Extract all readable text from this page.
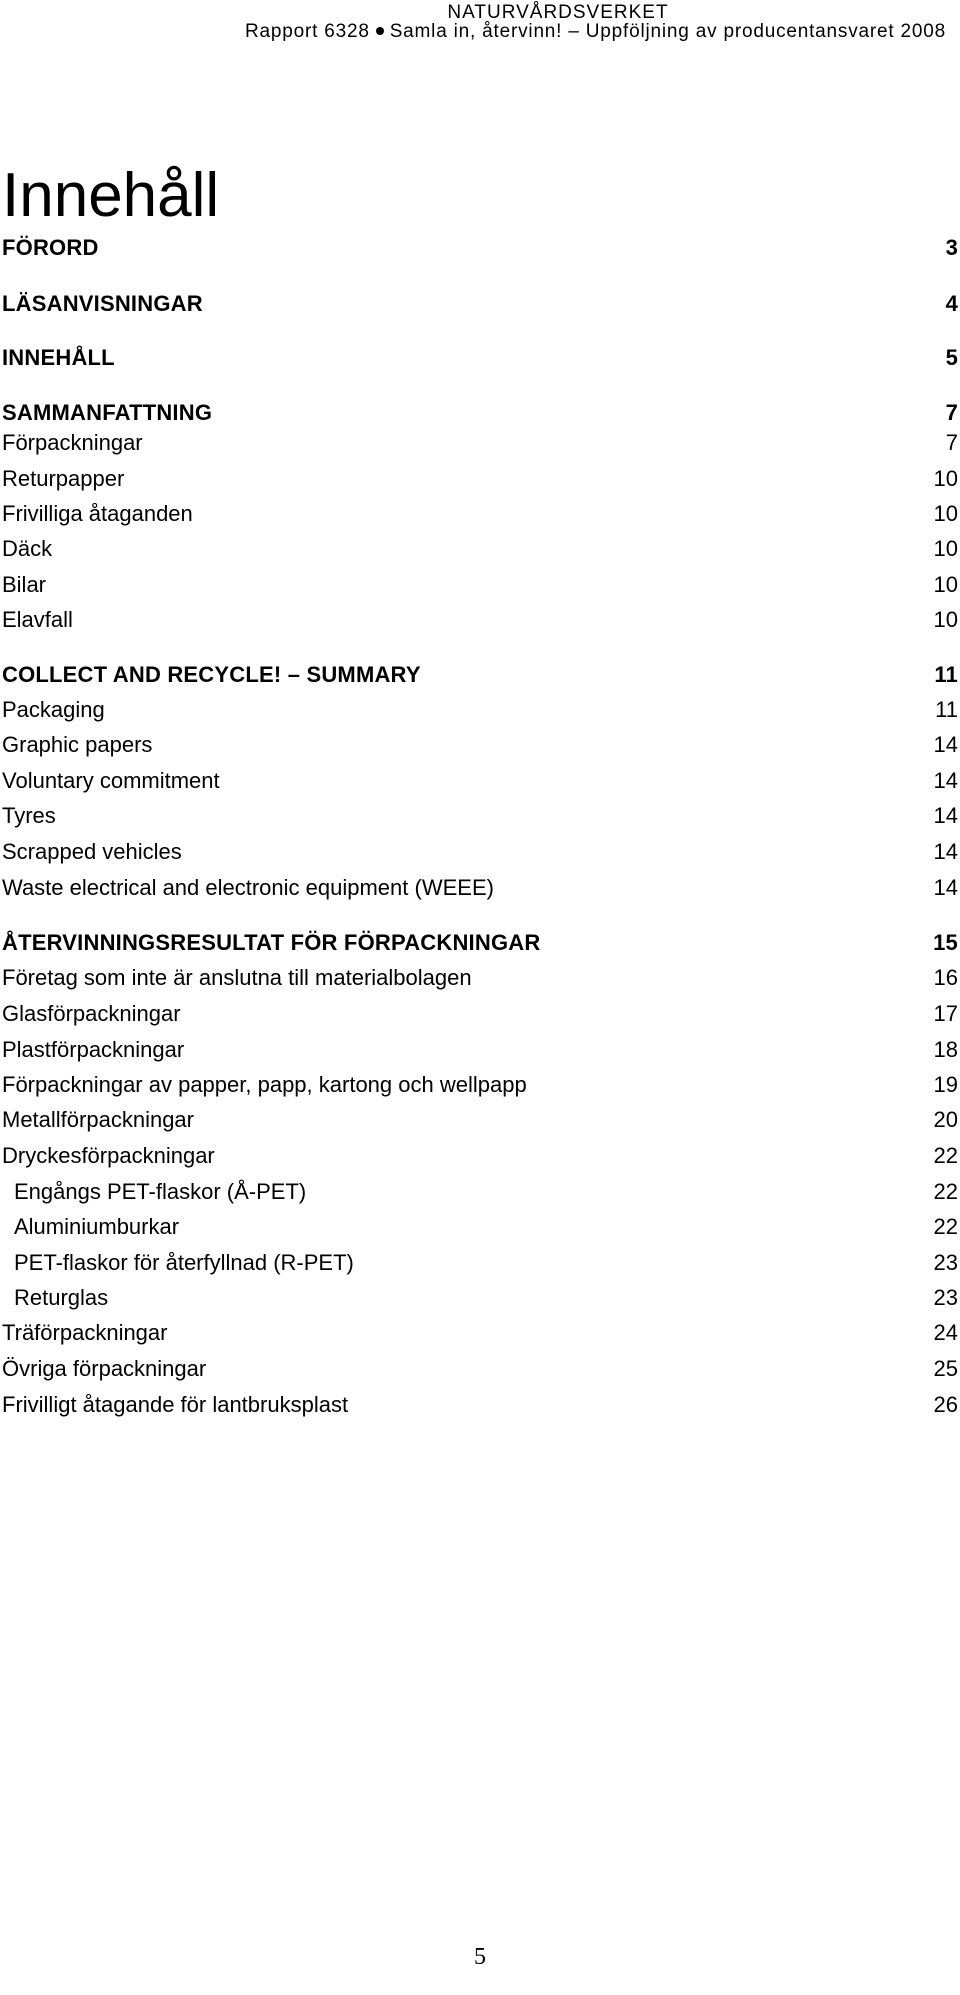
NATURVÅRDSVERKET
Rapport 6328 Samla in, återvinn! – Uppföljning av producentansvaret 2008
Innehåll
FÖRORD	3
LÄSANVISNINGAR	4
INNEHÅLL	5
SAMMANFATTNING	7
Förpackningar	7
Returpapper	10
Frivilliga åtaganden	10
Däck	10
Bilar	10
Elavfall	10
COLLECT AND RECYCLE! – SUMMARY	11
Packaging	11
Graphic papers	14
Voluntary commitment	14
Tyres	14
Scrapped vehicles	14
Waste electrical and electronic equipment (WEEE)	14
ÅTERVINNINGSRESULTAT FÖR FÖRPACKNINGAR	15
Företag som inte är anslutna till materialbolagen	16
Glasförpackningar	17
Plastförpackningar	18
Förpackningar av papper, papp, kartong och wellpapp	19
Metallförpackningar	20
Dryckesförpackningar	22
Engångs PET-flaskor (Å-PET)	22
Aluminiumburkar	22
PET-flaskor för återfyllnad (R-PET)	23
Returglas	23
Träförpackningar	24
Övriga förpackningar	25
Frivilligt åtagande för lantbruksplast	26
5
